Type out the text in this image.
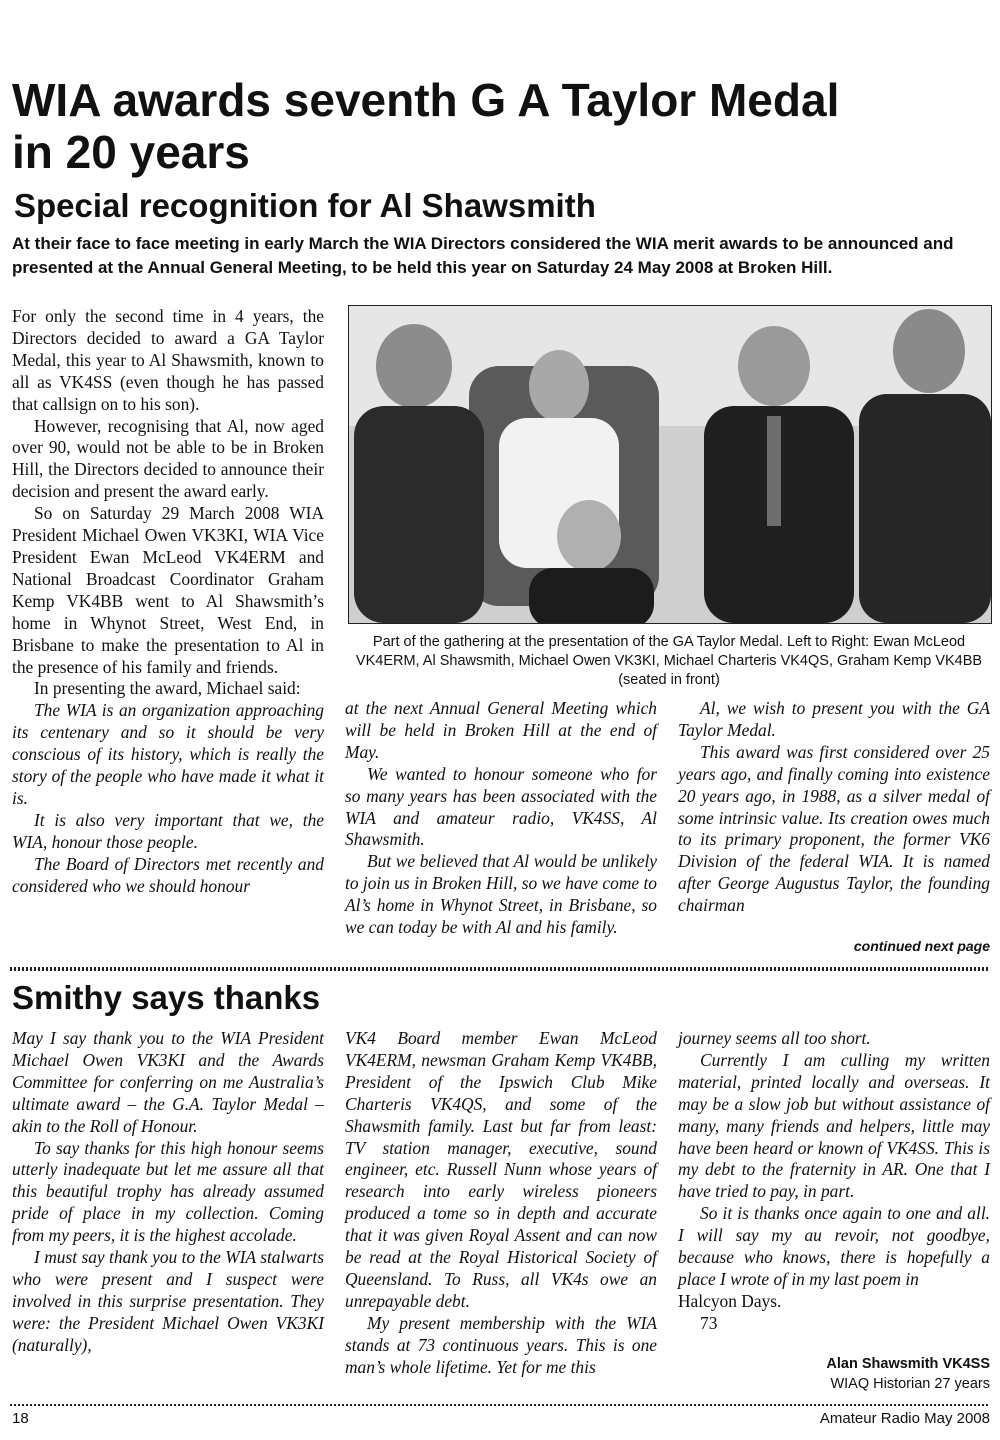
WIA awards seventh G A Taylor Medal
in 20 years
Special recognition for Al Shawsmith
At their face to face meeting in early March the WIA Directors considered the WIA merit awards to be announced and presented at the Annual General Meeting, to be held this year on Saturday 24 May 2008 at Broken Hill.

For only the second time in 4 years, the Directors decided to award a GA Taylor Medal, this year to Al Shawsmith, known to all as VK4SS (even though he has passed that callsign on to his son).

However, recognising that Al, now aged over 90, would not be able to be in Broken Hill, the Directors decided to announce their decision and present the award early.

So on Saturday 29 March 2008 WIA President Michael Owen VK3KI, WIA Vice President Ewan McLeod VK4ERM and National Broadcast Coordinator Graham Kemp VK4BB went to Al Shawsmith’s home in Whynot Street, West End, in Brisbane to make the presentation to Al in the presence of his family and friends.

In presenting the award, Michael said:

The WIA is an organization approaching its centenary and so it should be very conscious of its history, which is really the story of the people who have made it what it is.

It is also very important that we, the WIA, honour those people.

The Board of Directors met recently and considered who we should honour

Part of the gathering at the presentation of the GA Taylor Medal. Left to Right: Ewan McLeod VK4ERM, Al Shawsmith, Michael Owen VK3KI, Michael Charteris VK4QS, Graham Kemp VK4BB (seated in front)

at the next Annual General Meeting which will be held in Broken Hill at the end of May.

We wanted to honour someone who for so many years has been associated with the WIA and amateur radio, VK4SS, Al Shawsmith.

But we believed that Al would be unlikely to join us in Broken Hill, so we have come to Al’s home in Whynot Street, in Brisbane, so we can today be with Al and his family.

Al, we wish to present you with the GA Taylor Medal.

This award was first considered over 25 years ago, and finally coming into existence 20 years ago, in 1988, as a silver medal of some intrinsic value. Its creation owes much to its primary proponent, the former VK6 Division of the federal WIA. It is named after George Augustus Taylor, the founding chairman

continued next page
Smithy says thanks

May I say thank you to the WIA President Michael Owen VK3KI and the Awards Committee for conferring on me Australia’s ultimate award – the G.A. Taylor Medal – akin to the Roll of Honour.

To say thanks for this high honour seems utterly inadequate but let me assure all that this beautiful trophy has already assumed pride of place in my collection. Coming from my peers, it is the highest accolade.

I must say thank you to the WIA stalwarts who were present and I suspect were involved in this surprise presentation. They were: the President Michael Owen VK3KI (naturally),

VK4 Board member Ewan McLeod VK4ERM, newsman Graham Kemp VK4BB, President of the Ipswich Club Mike Charteris VK4QS, and some of the Shawsmith family. Last but far from least: TV station manager, executive, sound engineer, etc. Russell Nunn whose years of research into early wireless pioneers produced a tome so in depth and accurate that it was given Royal Assent and can now be read at the Royal Historical Society of Queensland. To Russ, all VK4s owe an unrepayable debt.

My present membership with the WIA stands at 73 continuous years. This is one man’s whole lifetime. Yet for me this

journey seems all too short.

Currently I am culling my written material, printed locally and overseas. It may be a slow job but without assistance of many, many friends and helpers, little may have been heard or known of VK4SS. This is my debt to the fraternity in AR. One that I have tried to pay, in part.

So it is thanks once again to one and all. I will say my au revoir, not goodbye, because who knows, there is hopefully a place I wrote of in my last poem in

Halcyon Days.

73

Alan Shawsmith VK4SS
WIAQ Historian 27 years
18	Amateur Radio May 2008
